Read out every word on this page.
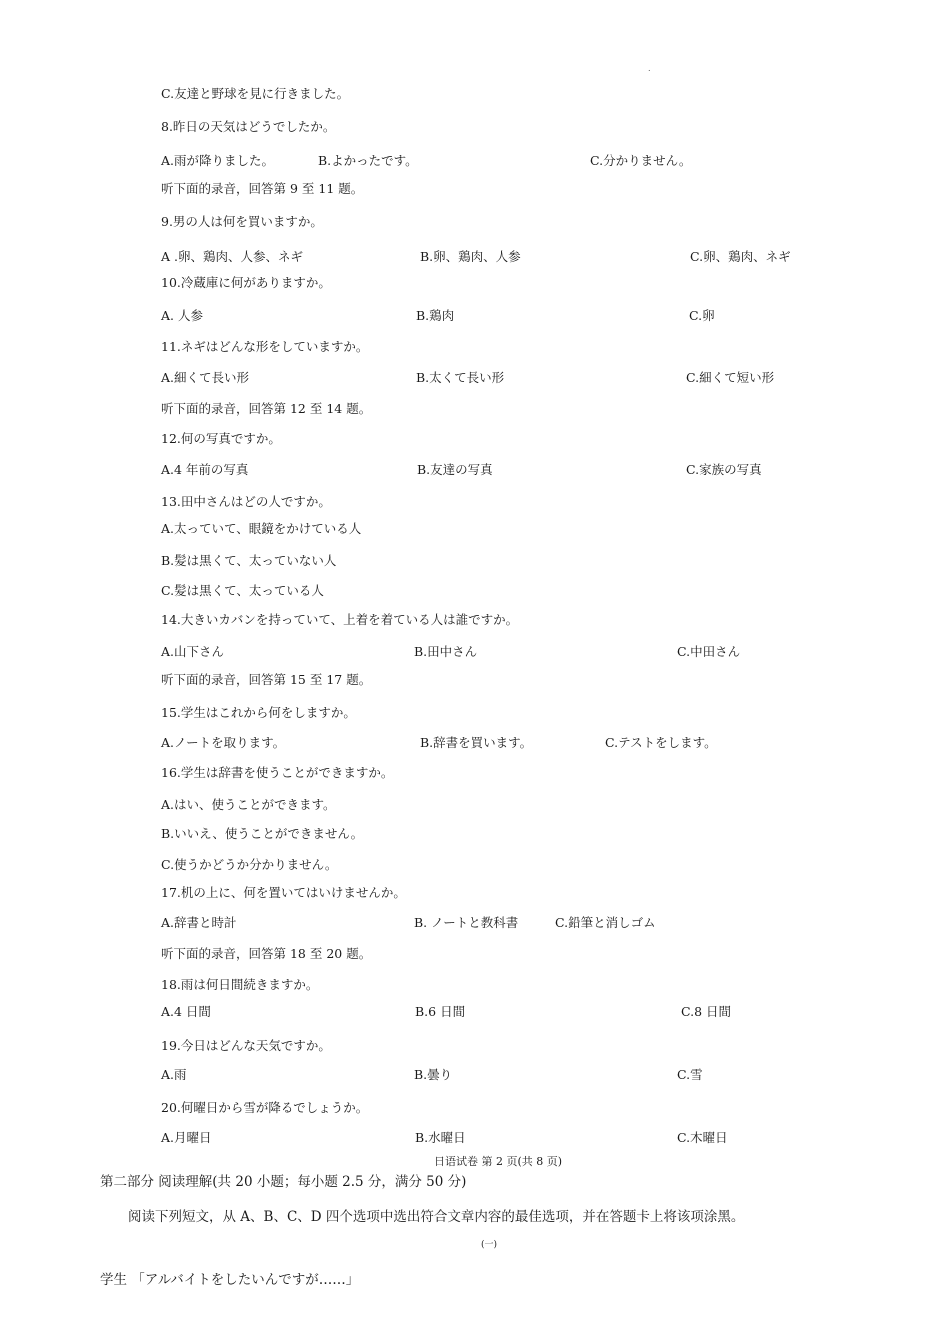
.
C.友達と野球を見に行きました。
8.昨日の天気はどうでしたか。
A.雨が降りました。	B.よかったです。	C.分かりません。
听下面的录音，回答第 9 至 11 题。
9.男の人は何を買いますか。
A .卵、鶏肉、人参、ネギ	B.卵、鶏肉、人参	C.卵、鶏肉、ネギ
10.冷蔵庫に何がありますか。
A. 人参	B.鶏肉	C.卵
11.ネギはどんな形をしていますか。
A.細くて長い形	B.太くて長い形	C.細くて短い形
听下面的录音，回答第 12 至 14 题。
12.何の写真ですか。
A.4 年前の写真	B.友達の写真	C.家族の写真
13.田中さんはどの人ですか。
A.太っていて、眼鏡をかけている人
B.髪は黒くて、太っていない人
C.髪は黒くて、太っている人
14.大きいカバンを持っていて、上着を着ている人は誰ですか。
A.山下さん	B.田中さん	C.中田さん
听下面的录音，回答第 15 至 17 题。
15.学生はこれから何をしますか。
A.ノートを取ります。	B.辞書を買います。	C.テストをします。
16.学生は辞書を使うことができますか。
A.はい、使うことができます。
B.いいえ、使うことができません。
C.使うかどうか分かりません。
17.机の上に、何を置いてはいけませんか。
A.辞書と時計	B. ノートと教科書	C.鉛筆と消しゴム
听下面的录音，回答第 18 至 20 题。
18.雨は何日間続きますか。
A.4 日間	B.6 日間	C.8 日間
19.今日はどんな天気ですか。
A.雨	B.曇り	C.雪
20.何曜日から雪が降るでしょうか。
A.月曜日	B.水曜日	C.木曜日
日语试卷 第 2 页(共 8 页)
第二部分 阅读理解(共 20 小题；每小题 2.5 分，满分 50 分)
阅读下列短文，从 A、B、C、D 四个选项中选出符合文章内容的最佳选项，并在答题卡上将该项涂黑。
(一)
学生 「アルバイトをしたいんですが……」
